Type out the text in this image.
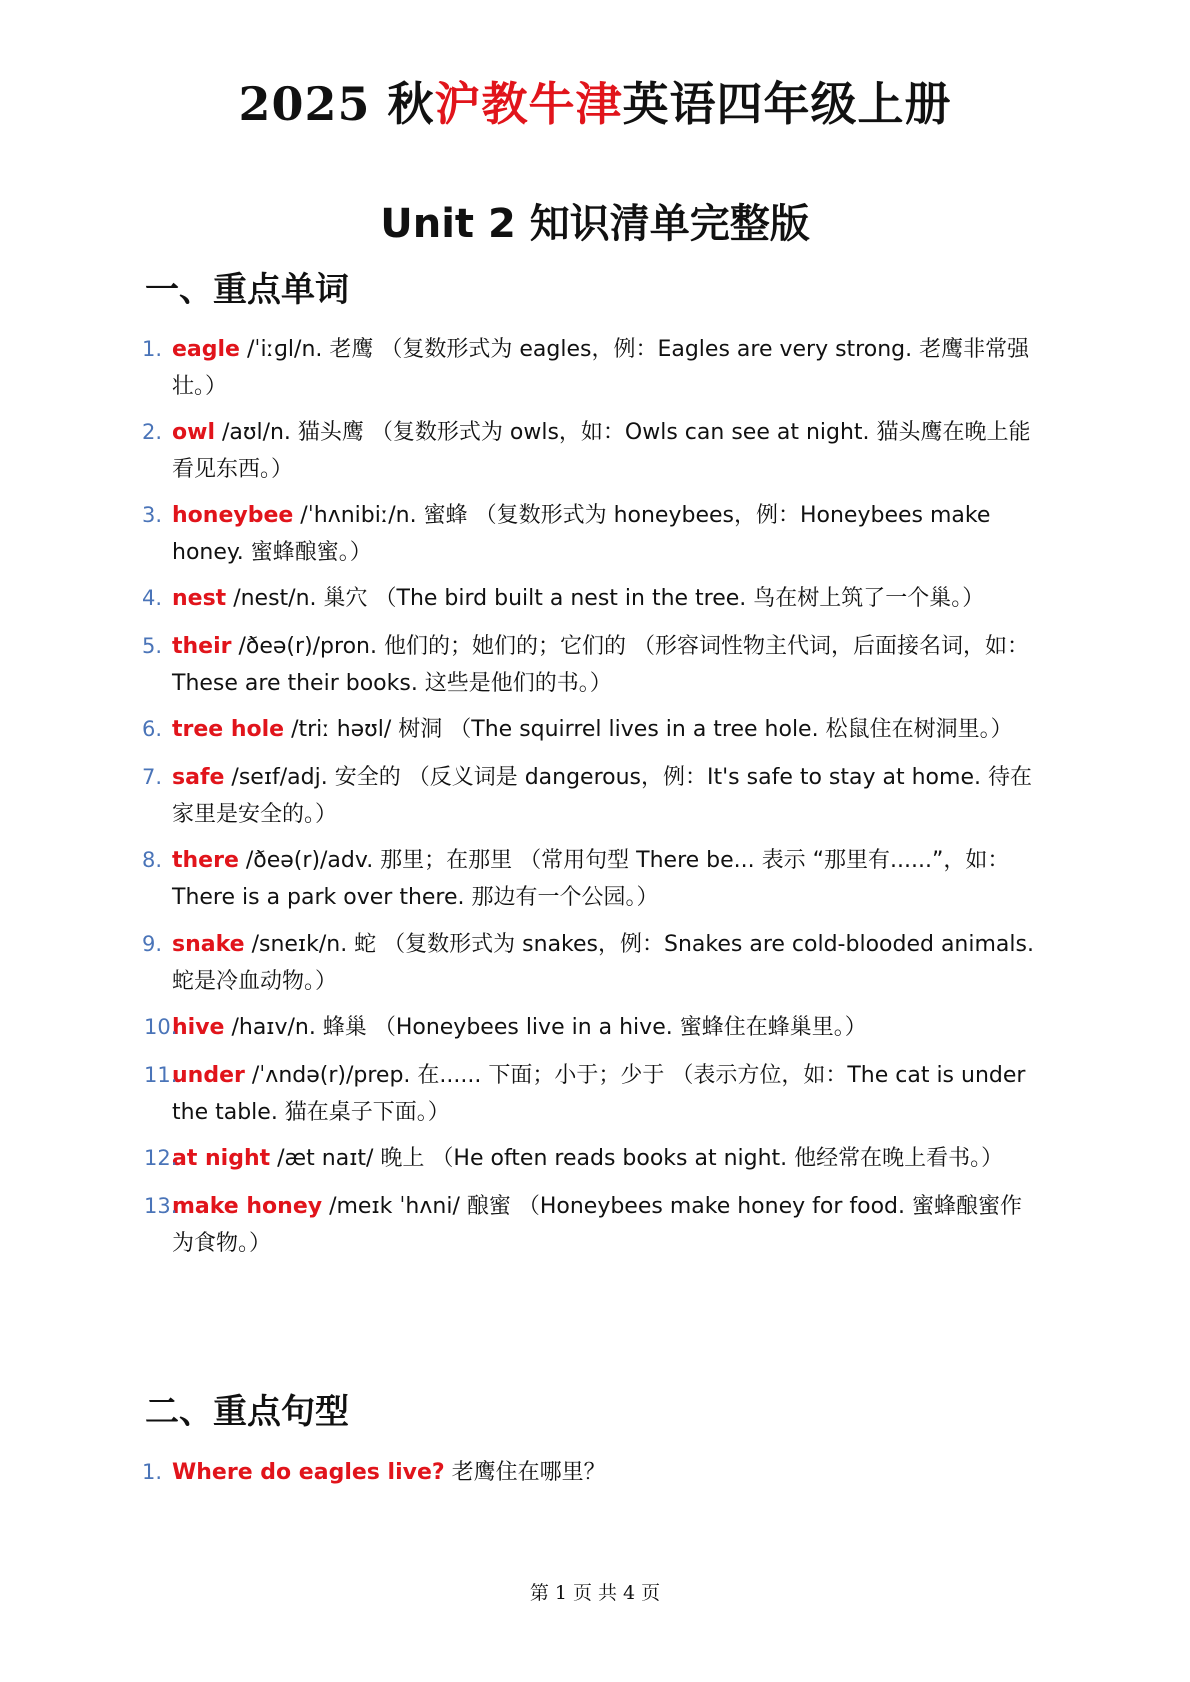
2025 秋沪教牛津英语四年级上册
Unit 2 知识清单完整版
一、重点单词
1. eagle /ˈiːɡl/n. 老鹰 （复数形式为 eagles，例：Eagles are very strong. 老鹰非常强壮。）
2. owl /aʊl/n. 猫头鹰 （复数形式为 owls，如：Owls can see at night. 猫头鹰在晚上能看见东西。）
3. honeybee /ˈhʌnibiː/n. 蜜蜂 （复数形式为 honeybees，例：Honeybees make honey. 蜜蜂酿蜜。）
4. nest /nest/n. 巢穴 （The bird built a nest in the tree. 鸟在树上筑了一个巢。）
5. their /ðeə(r)/pron. 他们的；她们的；它们的 （形容词性物主代词，后面接名词，如：These are their books. 这些是他们的书。）
6. tree hole /triː həʊl/ 树洞 （The squirrel lives in a tree hole. 松鼠住在树洞里。）
7. safe /seɪf/adj. 安全的 （反义词是 dangerous，例：It's safe to stay at home. 待在家里是安全的。）
8. there /ðeə(r)/adv. 那里；在那里 （常用句型 There be... 表示 “那里有......”，如：There is a park over there. 那边有一个公园。）
9. snake /sneɪk/n. 蛇 （复数形式为 snakes，例：Snakes are cold-blooded animals. 蛇是冷血动物。）
10.
hive /haɪv/n. 蜂巢 （Honeybees live in a hive. 蜜蜂住在蜂巢里。）
11.
under /ˈʌndə(r)/prep. 在...... 下面；小于；少于 （表示方位，如：The cat is under the table. 猫在桌子下面。）
12.
at night /æt naɪt/ 晚上 （He often reads books at night. 他经常在晚上看书。）
13.
make honey /meɪk ˈhʌni/ 酿蜜 （Honeybees make honey for food. 蜜蜂酿蜜作为食物。）
二、重点句型
1. Where do eagles live? 老鹰住在哪里？
第 1 页 共 4 页
